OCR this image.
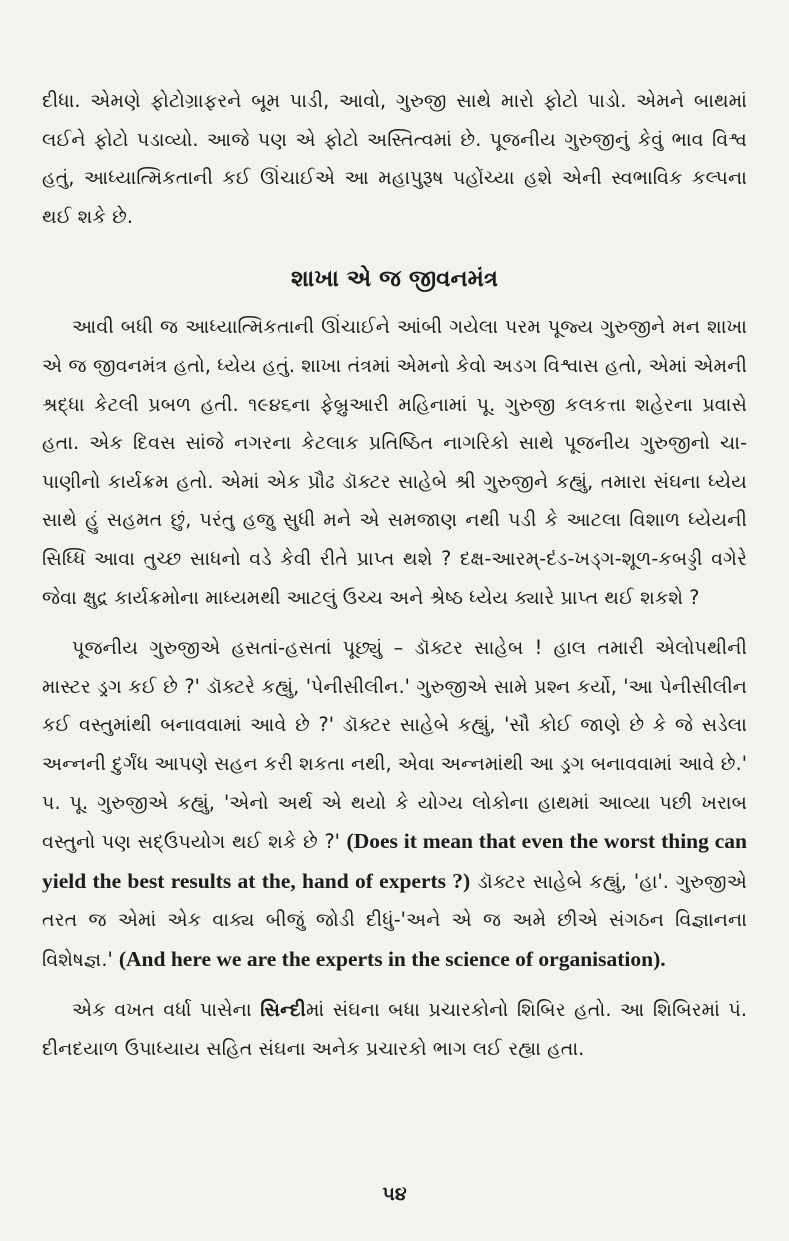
દીધા. એમણે ફોટોગ્રાફરને બૂમ પાડી, આવો, ગુરુજી સાથે મારો ફોટો પાડો. એમને બાથમાં લઈને ફોટો પડાવ્યો. આજે પણ એ ફોટો અસ્તિત્વમાં છે. પૂજનીય ગુરુજીનું કેવું ભાવ વિશ્વ હતું, આધ્યાત્મિકતાની કઈ ઊંચાઈએ આ મહાપુરૂષ પહોંચ્યા હશે એની સ્વભાવિક કલ્પના થઈ શકે છે.

શાખા એ જ જીવનમંત્ર

આવી બધી જ આધ્યાત્મિકતાની ઊંચાઈને આંબી ગયેલા પરમ પૂજ્ય ગુરુજીને મન શાખા એ જ જીવનમંત્ર હતો, ધ્યેય હતું. શાખા તંત્રમાં એમનો કેવો અડગ વિશ્વાસ હતો, એમાં એમની શ્રદ્ધા કેટલી પ્રબળ હતી. ૧૯૪૬ના ફેબ્રુઆરી મહિનામાં પૂ. ગુરુજી કલકત્તા શહેરના પ્રવાસે હતા. એક દિવસ સાંજે નગરના કેટલાક પ્રતિષ્ઠિત નાગરિકો સાથે પૂજનીય ગુરુજીનો ચા-પાણીનો કાર્યક્રમ હતો. એમાં એક પ્રૌઢ ડૉક્ટર સાહેબે શ્રી ગુરુજીને કહ્યું, તમારા સંઘના ધ્યેય સાથે હું સહમત છું, પરંતુ હજુ સુધી મને એ સમજાણ નથી પડી કે આટલા વિશાળ ધ્યેયની સિધ્ધિ આવા તુચ્છ સાધનો વડે કેવી રીતે પ્રાપ્ત થશે ? દક્ષ-આરમ્-દંડ-ખડ્ગ-શૂળ-કબડ્ડી વગેરે જેવા ક્ષુદ્ર કાર્યક્રમોના માધ્યમથી આટલું ઉચ્ચ અને શ્રેષ્ઠ ધ્યેય ક્યારે પ્રાપ્ત થઈ શકશે ?

પૂજનીય ગુરુજીએ હસતાં-હસતાં પૂછ્યું – ડૉક્ટર સાહેબ ! હાલ તમારી એલોપથીની માસ્ટર ડ્રગ કઈ છે ?' ડૉક્ટરે કહ્યું, 'પેનીસીલીન.' ગુરુજીએ સામે પ્રશ્ન કર્યો, 'આ પેનીસીલીન કઈ વસ્તુમાંથી બનાવવામાં આવે છે ?' ડૉક્ટર સાહેબે કહ્યું, 'સૌ કોઈ જાણે છે કે જે સડેલા અન્નની દુર્ગંધ આપણે સહન કરી શકતા નથી, એવા અન્નમાંથી આ ડ્રગ બનાવવામાં આવે છે.' પ. પૂ. ગુરુજીએ કહ્યું, 'એનો અર્થ એ થયો કે યોગ્ય લોકોના હાથમાં આવ્યા પછી ખરાબ વસ્તુનો પણ સદ્ઉપયોગ થઈ શકે છે ?' (Does it mean that even the worst thing can yield the best results at the, hand of experts ?) ડૉક્ટર સાહેબે કહ્યું, 'હા'. ગુરુજીએ તરત જ એમાં એક વાક્ય બીજું જોડી દીધું-'અને એ જ અમે છીએ સંગઠન વિજ્ઞાનના વિશેષજ્ઞ.' (And here we are the experts in the science of organisation).

એક વખત વર્ધા પાસેના સિન્દીમાં સંઘના બધા પ્રચારકોનો શિબિર હતો. આ શિબિરમાં પં. દીનદયાળ ઉપાધ્યાય સહિત સંઘના અનેક પ્રચારકો ભાગ લઈ રહ્યા હતા.

૫૪
